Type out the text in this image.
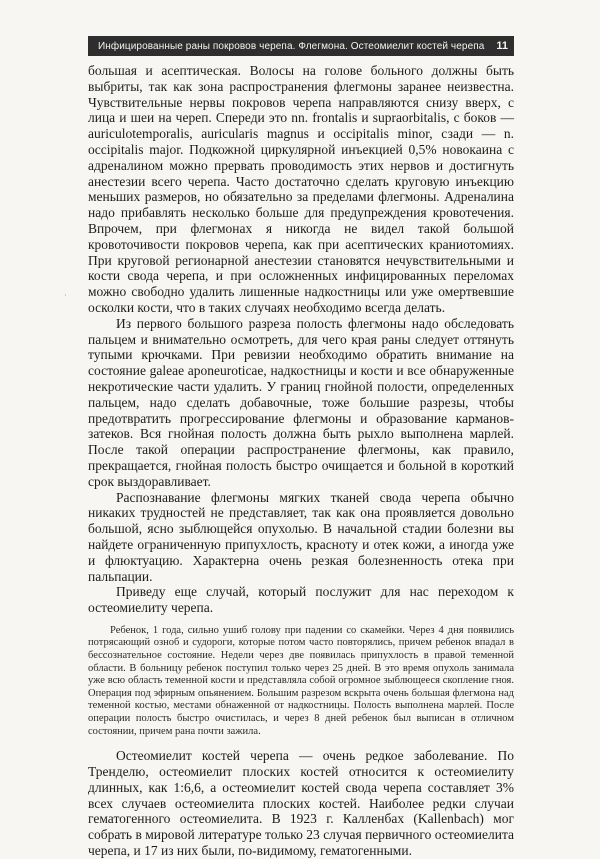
Инфицированные раны покровов черепа. Флегмона. Остеомиелит костей черепа 11
·

большая и асептическая. Волосы на голове больного должны быть выбриты, так как зона распространения флегмоны заранее неизвестна. Чувствительные нервы покровов черепа направляются снизу вверх, с лица и шеи на череп. Спереди это nn. frontalis и supraorbitalis, с боков — auriculotemporalis, auricularis magnus и occipitalis minor, сзади — n. occipitalis major. Подкожной циркулярной инъекцией 0,5% новокаина с адреналином можно прервать проводимость этих нервов и достигнуть анестезии всего черепа. Часто достаточно сделать круговую инъекцию меньших размеров, но обязательно за пределами флегмоны. Адреналина надо прибавлять несколько больше для предупреждения кровотечения. Впрочем, при флегмонах я никогда не видел такой большой кровоточивости покровов черепа, как при асептических краниотомиях. При круговой регионарной анестезии становятся нечувствительными и кости свода черепа, и при осложненных инфицированных переломах можно свободно удалить лишенные надкостницы или уже омертвевшие осколки кости, что в таких случаях необходимо всегда делать.

Из первого большого разреза полость флегмоны надо обследовать пальцем и внимательно осмотреть, для чего края раны следует оттянуть тупыми крючками. При ревизии необходимо обратить внимание на состояние galeae aponeuroticae, надкостницы и кости и все обнаруженные некротические части удалить. У границ гнойной полости, определенных пальцем, надо сделать добавочные, тоже большие разрезы, чтобы предотвратить прогрессирование флегмоны и образование карманов-затеков. Вся гнойная полость должна быть рыхло выполнена марлей. После такой операции распространение флегмоны, как правило, прекращается, гнойная полость быстро очищается и больной в короткий срок выздоравливает.

Распознавание флегмоны мягких тканей свода черепа обычно никаких трудностей не представляет, так как она проявляется довольно большой, ясно зыблющейся опухолью. В начальной стадии болезни вы найдете ограниченную припухлость, красноту и отек кожи, а иногда уже и флюктуацию. Характерна очень резкая болезненность отека при пальпации.

Приведу еще случай, который послужит для нас переходом к остеомиелиту черепа.

Ребенок, 1 года, сильно ушиб голову при падении со скамейки. Через 4 дня появились потрясающий озноб и судороги, которые потом часто повторялись, причем ребенок впадал в бессознательное состояние. Недели через две появилась припухлость в правой теменной области. В больницу ребенок поступил только через 25 дней. В это время опухоль занимала уже всю область теменной кости и представляла собой огромное зыблющееся скопление гноя. Операция под эфирным опьянением. Большим разрезом вскрыта очень большая флегмона над теменной костью, местами обнаженной от надкостницы. Полость выполнена марлей. После операции полость быстро очистилась, и через 8 дней ребенок был выписан в отличном состоянии, причем рана почти зажила.

Остеомиелит костей черепа — очень редкое заболевание. По Тренделю, остеомиелит плоских костей относится к остеомиелиту длинных, как 1:6,6, а остеомиелит костей свода черепа составляет 3% всех случаев остеомиелита плоских костей. Наиболее редки случаи гематогенного остеомиелита. В 1923 г. Калленбах (Kallenbach) мог собрать в мировой литературе только 23 случая первичного остеомиелита черепа, и 17 из них были, по-видимому, гематогенными.
